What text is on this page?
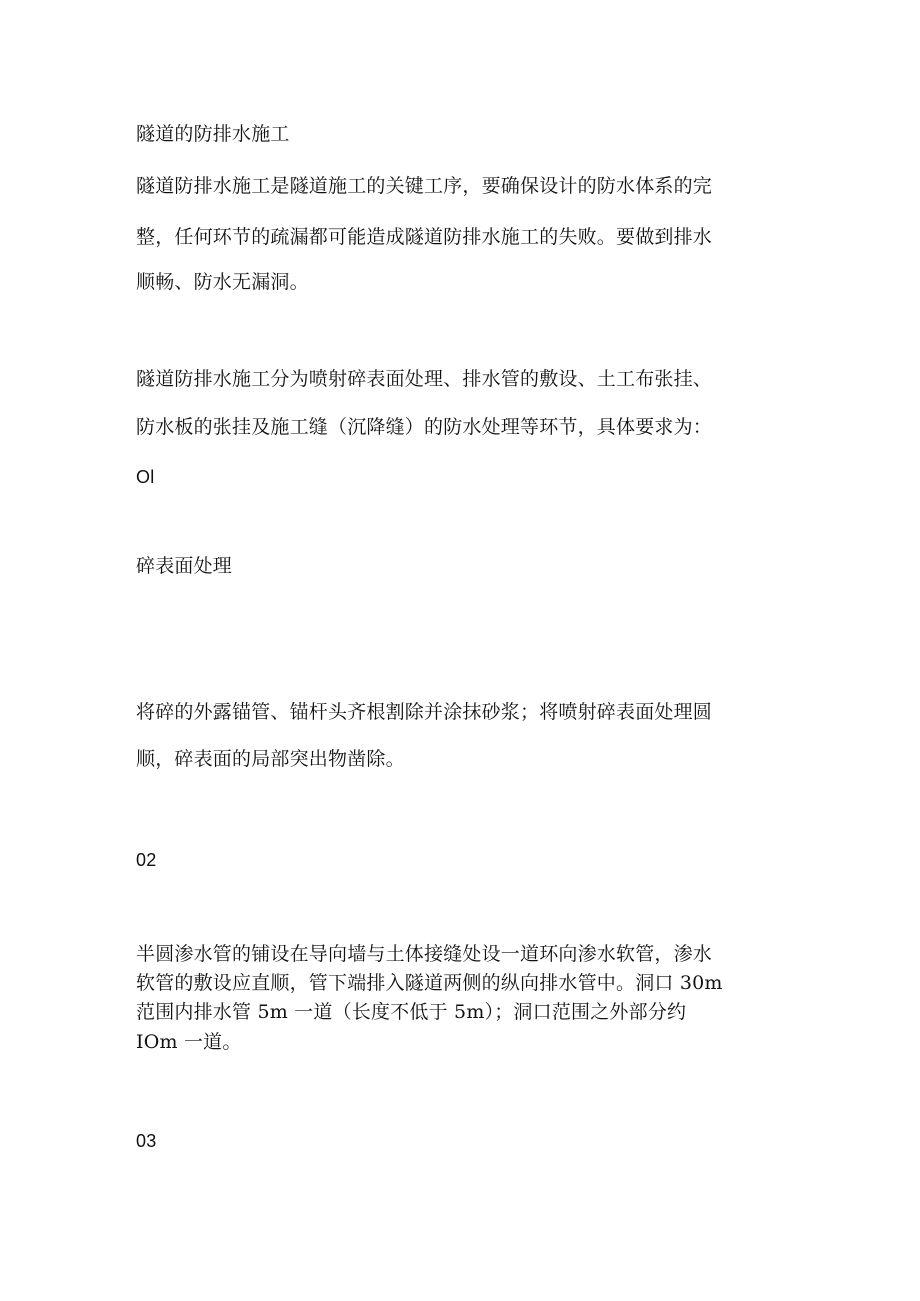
隧道的防排水施工
隧道防排水施工是隧道施工的关键工序，要确保设计的防水体系的完
整，任何环节的疏漏都可能造成隧道防排水施工的失败。要做到排水
顺畅、防水无漏洞。
隧道防排水施工分为喷射碎表面处理、排水管的敷设、土工布张挂、
防水板的张挂及施工缝（沉降缝）的防水处理等环节，具体要求为：
Ol
碎表面处理
将碎的外露锚管、锚杆头齐根割除并涂抹砂浆；将喷射碎表面处理圆
顺，碎表面的局部突出物凿除。
02
半圆渗水管的铺设在导向墙与土体接缝处设一道环向渗水软管，渗水
软管的敷设应直顺，管下端排入隧道两侧的纵向排水管中。洞口 30m
范围内排水管 5m 一道（长度不低于 5m）；洞口范围之外部分约
IOm 一道。
03
